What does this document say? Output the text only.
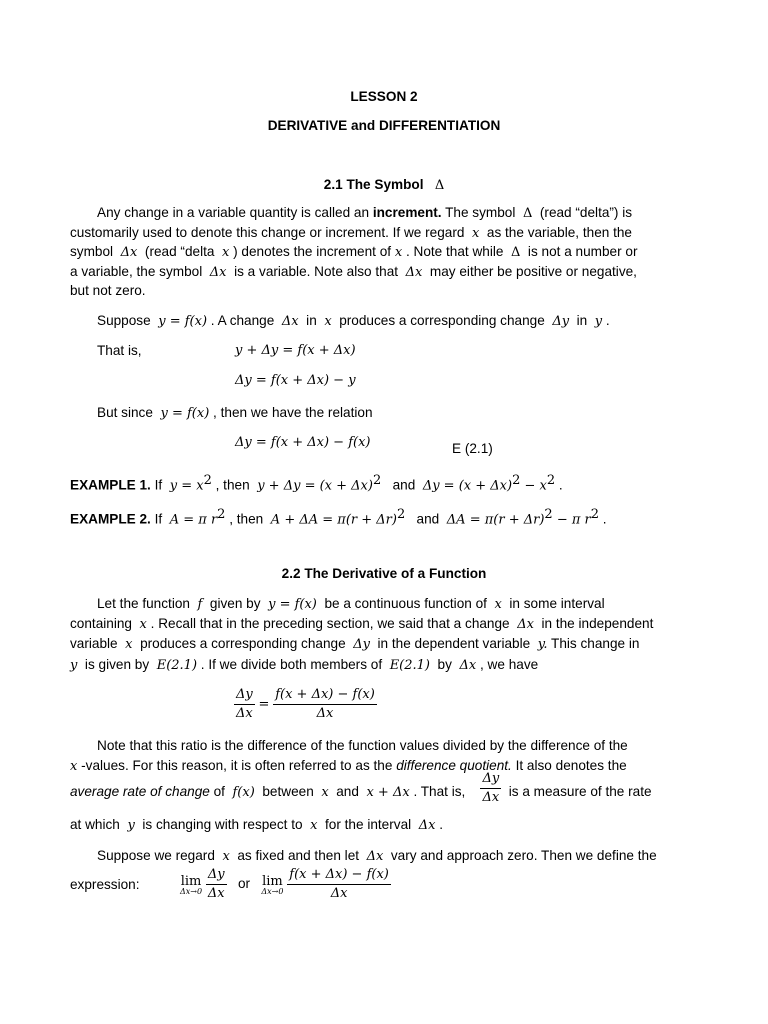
LESSON 2
DERIVATIVE and DIFFERENTIATION
2.1 The Symbol Δ
Any change in a variable quantity is called an increment. The symbol  Δ  (read “delta”) is
customarily used to denote this change or increment. If we regard  x  as the variable, then the
symbol  Δx  (read “delta  x ) denotes the increment of x . Note that while  Δ  is not a number or
a variable, the symbol  Δx  is a variable. Note also that  Δx  may either be positive or negative,
but not zero.
Suppose  y = f(x) . A change  Δx  in  x  produces a corresponding change  Δy  in  y .
That is,	y + Δy = f(x + Δx)
Δy = f(x + Δx) − y
But since  y = f(x) , then we have the relation
Δy = f(x + Δx) − f(x)	E (2.1)
EXAMPLE 1. If  $y = x^2$ , then  $y + \Delta y = (x + \Delta x)^2$   and  $\Delta y = (x + \Delta x)^2 - x^2$ .
EXAMPLE 2. If  A = π $r^2$ , then  $A + \Delta A = \pi(r + \Delta r)^2$   and  $\Delta A = \pi(r + \Delta r)^2 - \pi$ $r^2$ .
2.2 The Derivative of a Function
Let the function  f  given by  y = f(x)  be a continuous function of  x  in some interval
containing  x . Recall that in the preceding section, we said that a change  Δx  in the independent
variable  x  produces a corresponding change  Δy  in the dependent variable  y. This change in
y  is given by  E(2.1) . If we divide both members of  E(2.1)  by  Δx , we have
$\frac{\Delta y}{\Delta x} = \frac{f(x + \Delta x) - f(x)}{\Delta x}$
Note that this ratio is the difference of the function values divided by the difference of the
x -values. For this reason, it is often referred to as the difference quotient. It also denotes the
average rate of change of  f(x)  between  x  and  x + Δx . That is, $\frac{\Delta y}{\Delta x}$ is a measure of the rate
at which  y  is changing with respect to  x  for the interval  Δx .
Suppose we regard  x  as fixed and then let  Δx  vary and approach zero. Then we define the
expression:	lim
Δx→0
$\frac{\Delta y}{\Delta x}$ or lim
Δx→0
$\frac{f(x + \Delta x) - f(x)}{\Delta x}$
